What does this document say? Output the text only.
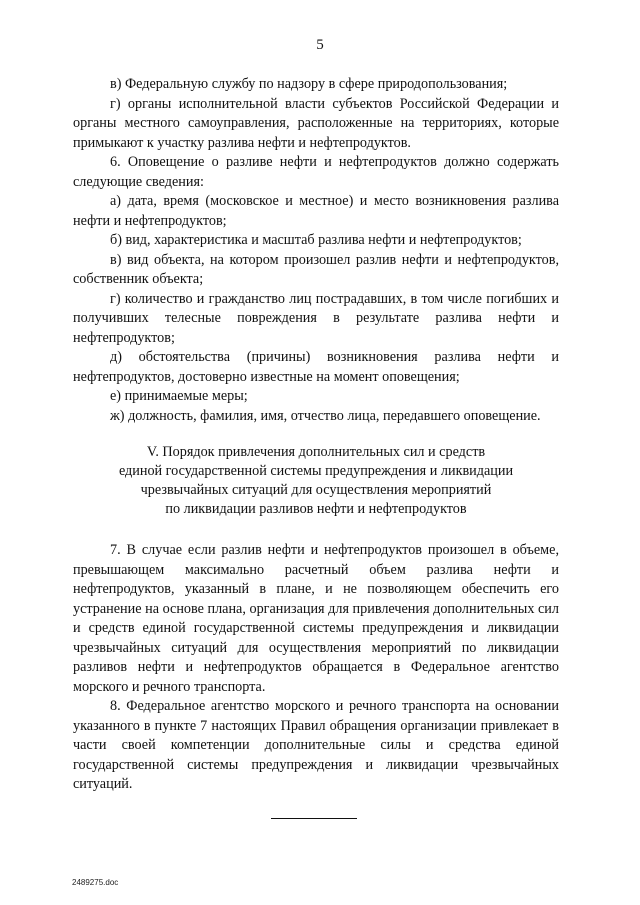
5

в) Федеральную службу по надзору в сфере природопользования;

г) органы исполнительной власти субъектов Российской Федерации и органы местного самоуправления, расположенные на территориях, которые примыкают к участку разлива нефти и нефтепродуктов.

6. Оповещение о разливе нефти и нефтепродуктов должно содержать следующие сведения:

а) дата, время (московское и местное) и место возникновения разлива нефти и нефтепродуктов;

б) вид, характеристика и масштаб разлива нефти и нефтепродуктов;

в) вид объекта, на котором произошел разлив нефти и нефтепродуктов, собственник объекта;

г) количество и гражданство лиц пострадавших, в том числе погибших и получивших телесные повреждения в результате разлива нефти и нефтепродуктов;

д) обстоятельства (причины) возникновения разлива нефти и нефтепродуктов, достоверно известные на момент оповещения;

е) принимаемые меры;

ж) должность, фамилия, имя, отчество лица, передавшего оповещение.

V. Порядок привлечения дополнительных сил и средств
единой государственной системы предупреждения и ликвидации
чрезвычайных ситуаций для осуществления мероприятий
по ликвидации разливов нефти и нефтепродуктов

7. В случае если разлив нефти и нефтепродуктов произошел в объеме, превышающем максимально расчетный объем разлива нефти и нефтепродуктов, указанный в плане, и не позволяющем обеспечить его устранение на основе плана, организация для привлечения дополнительных сил и средств единой государственной системы предупреждения и ликвидации чрезвычайных ситуаций для осуществления мероприятий по ликвидации разливов нефти и нефтепродуктов обращается в Федеральное агентство морского и речного транспорта.

8. Федеральное агентство морского и речного транспорта на основании указанного в пункте 7 настоящих Правил обращения организации привлекает в части своей компетенции дополнительные силы и средства единой государственной системы предупреждения и ликвидации чрезвычайных ситуаций.

2489275.doc
